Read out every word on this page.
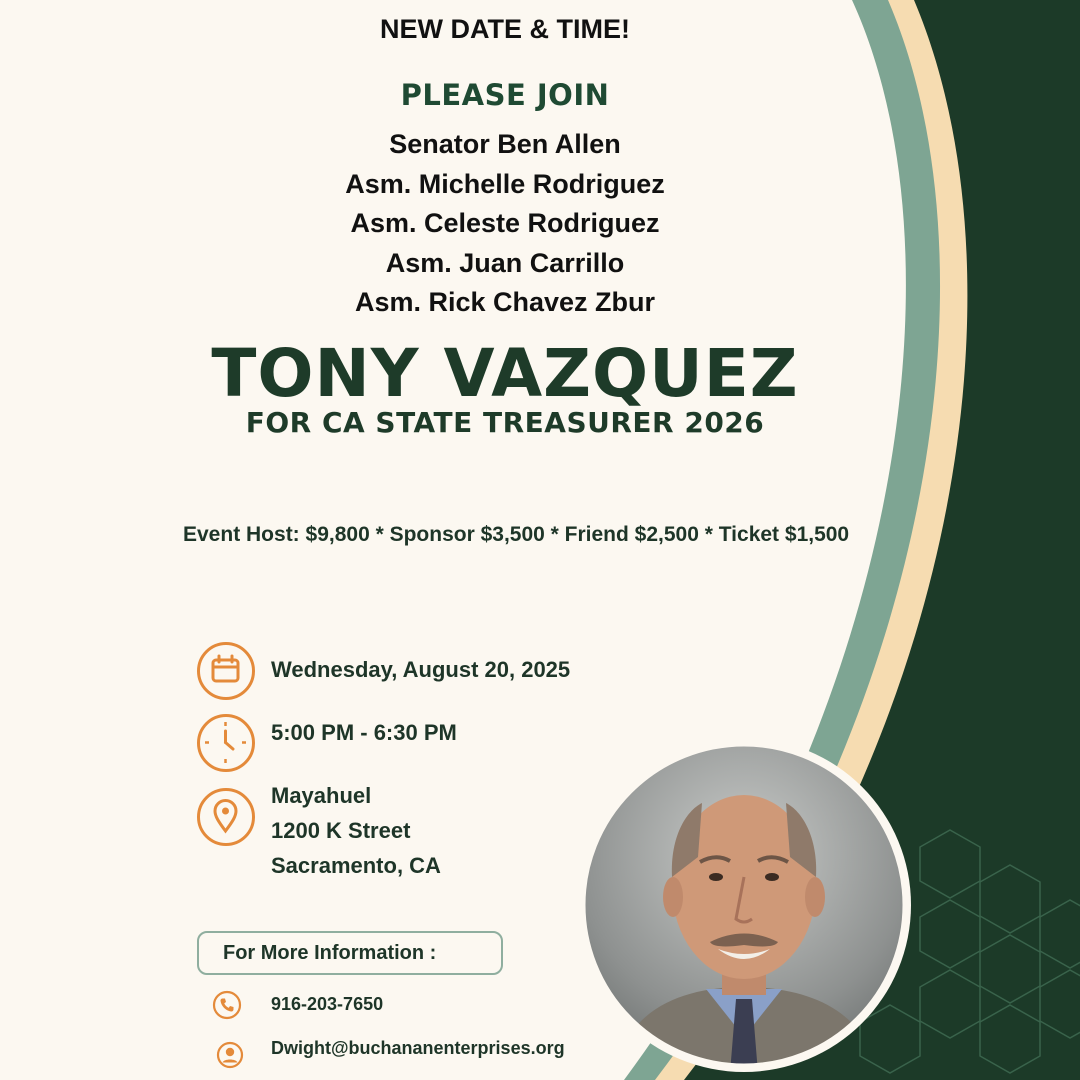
NEW DATE & TIME!

PLEASE JOIN

Senator Ben Allen
Asm. Michelle Rodriguez
Asm. Celeste Rodriguez
Asm. Juan Carrillo
Asm. Rick Chavez Zbur

TONY VAZQUEZ

FOR CA STATE TREASURER 2026

Event Host: $9,800 * Sponsor $3,500 * Friend $2,500 * Ticket $1,500

Wednesday, August 20, 2025

5:00 PM - 6:30 PM

Mayahuel

1200 K Street

Sacramento, CA

For More Information :

916-203-7650

Dwight@buchananenterprises.org
